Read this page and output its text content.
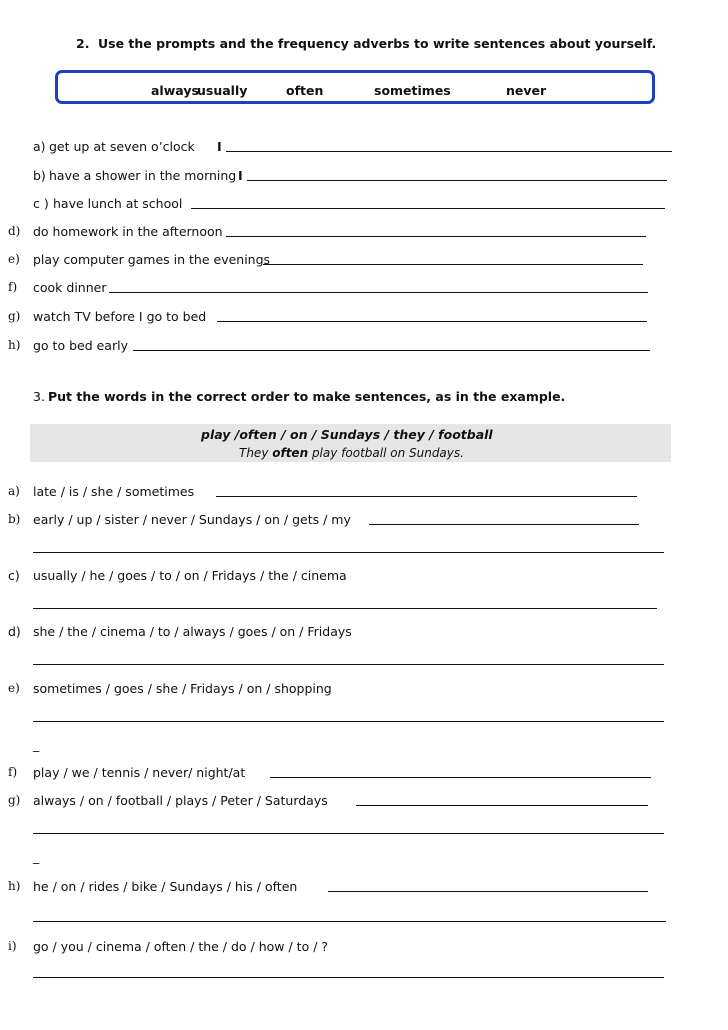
2. Use the prompts and the frequency adverbs to write sentences about yourself.
always
usually	often	sometimes	never
a) get up at seven o’clock I
b) have a shower in the morning I
c ) have lunch at school
d) do homework in the afternoon
e) play computer games in the evenings
f) cook dinner
g) watch TV before I go to bed
h) go to bed early
3. Put the words in the correct order to make sentences, as in the example.
play /often / on / Sundays / they / football
They often play football on Sundays.
a) late / is / she / sometimes
b) early / up / sister / never / Sundays / on / gets / my
c) usually / he / goes / to / on / Fridays / the / cinema
d) she / the / cinema / to / always / goes / on / Fridays
e) sometimes / goes / she / Fridays / on / shopping
_
f) play / we / tennis / never/ night/at
g) always / on / football / plays / Peter / Saturdays
_
h) he / on / rides / bike / Sundays / his / often
i) go / you / cinema / often / the / do / how / to / ?
